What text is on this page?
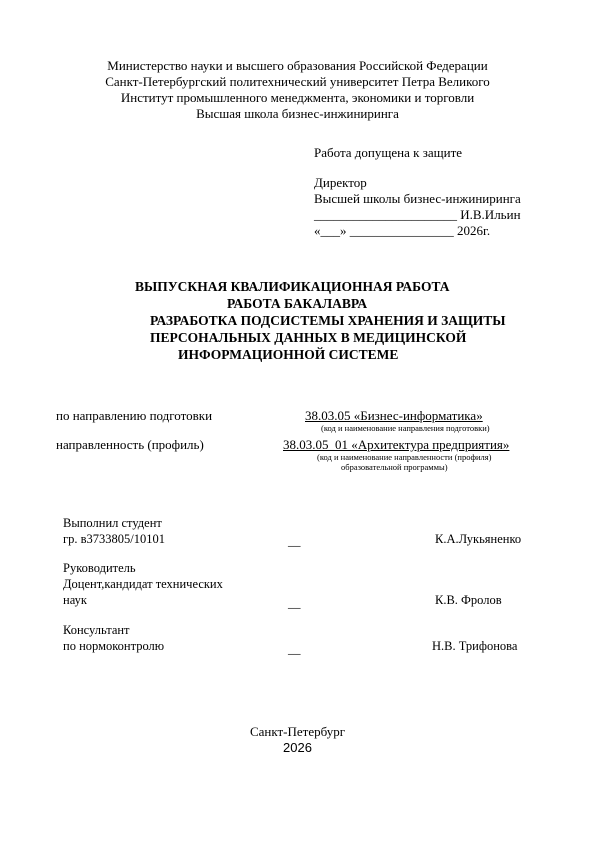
Министерство науки и высшего образования Российской Федерации
Санкт-Петербургский политехнический университет Петра Великого
Институт промышленного менеджмента, экономики и торговли
Высшая школа бизнес-инжиниринга
Работа допущена к защите
Директор
Высшей школы бизнес-инжиниринга
______________________ И.В.Ильин
«___» ________________ 2026г.
ВЫПУСКНАЯ КВАЛИФИКАЦИОННАЯ РАБОТА
РАБОТА БАКАЛАВРА
РАЗРАБОТКА ПОДСИСТЕМЫ ХРАНЕНИЯ И ЗАЩИТЫ
ПЕРСОНАЛЬНЫХ ДАННЫХ В МЕДИЦИНСКОЙ
ИНФОРМАЦИОННОЙ СИСТЕМЕ
по направлению подготовки	38.03.05 «Бизнес-информатика»
(код и наименование направления подготовки)
направленность (профиль)	38.03.05_01 «Архитектура предприятия»
(код и наименование направленности (профиля)
образовательной программы)
Выполнил студент
гр. в3733805/10101	__	К.А.Лукьяненко
Руководитель
Доцент,кандидат технических
наук	__	К.В. Фролов
Консультант
по нормоконтролю	__	Н.В. Трифонова
Санкт-Петербург
2026
